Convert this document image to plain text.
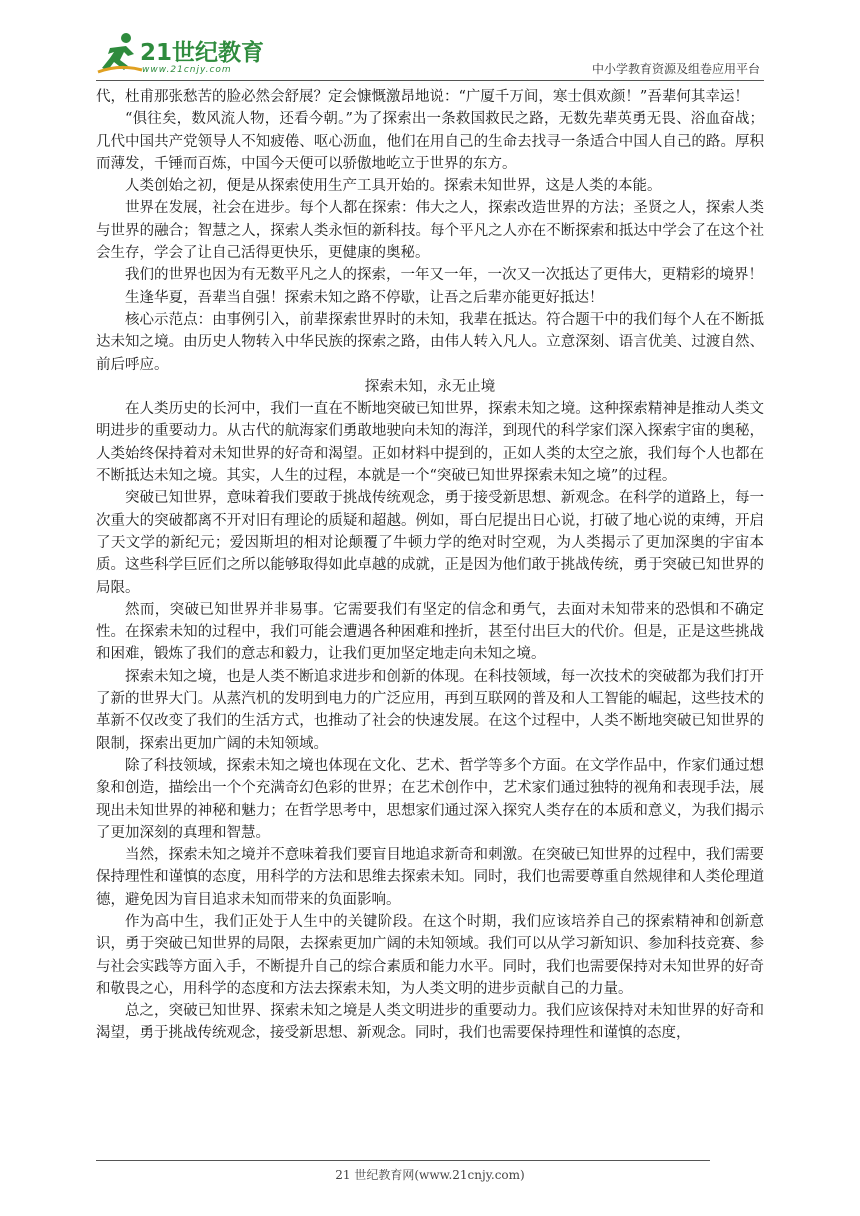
21世纪教育
www.21cnjy.com	中小学教育资源及组卷应用平台

代，杜甫那张愁苦的脸必然会舒展？定会慷慨激昂地说：“广厦千万间，寒士俱欢颜！”吾辈何其幸运！

“俱往矣，数风流人物，还看今朝。”为了探索出一条救国救民之路，无数先辈英勇无畏、浴血奋战；几代中国共产党领导人不知疲倦、呕心沥血，他们在用自己的生命去找寻一条适合中国人自己的路。厚积而薄发，千锤而百炼，中国今天便可以骄傲地屹立于世界的东方。

人类创始之初，便是从探索使用生产工具开始的。探索未知世界，这是人类的本能。

世界在发展，社会在进步。每个人都在探索：伟大之人，探索改造世界的方法；圣贤之人，探索人类与世界的融合；智慧之人，探索人类永恒的新科技。每个平凡之人亦在不断探索和抵达中学会了在这个社会生存，学会了让自己活得更快乐，更健康的奥秘。

我们的世界也因为有无数平凡之人的探索，一年又一年，一次又一次抵达了更伟大，更精彩的境界！

生逢华夏，吾辈当自强！探索未知之路不停歇，让吾之后辈亦能更好抵达！

核心示范点：由事例引入，前辈探索世界时的未知，我辈在抵达。符合题干中的我们每个人在不断抵达未知之境。由历史人物转入中华民族的探索之路，由伟人转入凡人。立意深刻、语言优美、过渡自然、前后呼应。

探索未知，永无止境

在人类历史的长河中，我们一直在不断地突破已知世界，探索未知之境。这种探索精神是推动人类文明进步的重要动力。从古代的航海家们勇敢地驶向未知的海洋，到现代的科学家们深入探索宇宙的奥秘，人类始终保持着对未知世界的好奇和渴望。正如材料中提到的，正如人类的太空之旅，我们每个人也都在不断抵达未知之境。其实，人生的过程，本就是一个“突破已知世界探索未知之境”的过程。

突破已知世界，意味着我们要敢于挑战传统观念，勇于接受新思想、新观念。在科学的道路上，每一次重大的突破都离不开对旧有理论的质疑和超越。例如，哥白尼提出日心说，打破了地心说的束缚，开启了天文学的新纪元；爱因斯坦的相对论颠覆了牛顿力学的绝对时空观，为人类揭示了更加深奥的宇宙本质。这些科学巨匠们之所以能够取得如此卓越的成就，正是因为他们敢于挑战传统，勇于突破已知世界的局限。

然而，突破已知世界并非易事。它需要我们有坚定的信念和勇气，去面对未知带来的恐惧和不确定性。在探索未知的过程中，我们可能会遭遇各种困难和挫折，甚至付出巨大的代价。但是，正是这些挑战和困难，锻炼了我们的意志和毅力，让我们更加坚定地走向未知之境。

探索未知之境，也是人类不断追求进步和创新的体现。在科技领域，每一次技术的突破都为我们打开了新的世界大门。从蒸汽机的发明到电力的广泛应用，再到互联网的普及和人工智能的崛起，这些技术的革新不仅改变了我们的生活方式，也推动了社会的快速发展。在这个过程中，人类不断地突破已知世界的限制，探索出更加广阔的未知领域。

除了科技领域，探索未知之境也体现在文化、艺术、哲学等多个方面。在文学作品中，作家们通过想象和创造，描绘出一个个充满奇幻色彩的世界；在艺术创作中，艺术家们通过独特的视角和表现手法，展现出未知世界的神秘和魅力；在哲学思考中，思想家们通过深入探究人类存在的本质和意义，为我们揭示了更加深刻的真理和智慧。

当然，探索未知之境并不意味着我们要盲目地追求新奇和刺激。在突破已知世界的过程中，我们需要保持理性和谨慎的态度，用科学的方法和思维去探索未知。同时，我们也需要尊重自然规律和人类伦理道德，避免因为盲目追求未知而带来的负面影响。

作为高中生，我们正处于人生中的关键阶段。在这个时期，我们应该培养自己的探索精神和创新意识，勇于突破已知世界的局限，去探索更加广阔的未知领域。我们可以从学习新知识、参加科技竞赛、参与社会实践等方面入手，不断提升自己的综合素质和能力水平。同时，我们也需要保持对未知世界的好奇和敬畏之心，用科学的态度和方法去探索未知，为人类文明的进步贡献自己的力量。

总之，突破已知世界、探索未知之境是人类文明进步的重要动力。我们应该保持对未知世界的好奇和渴望，勇于挑战传统观念，接受新思想、新观念。同时，我们也需要保持理性和谨慎的态度，

21 世纪教育网(www.21cnjy.com)
